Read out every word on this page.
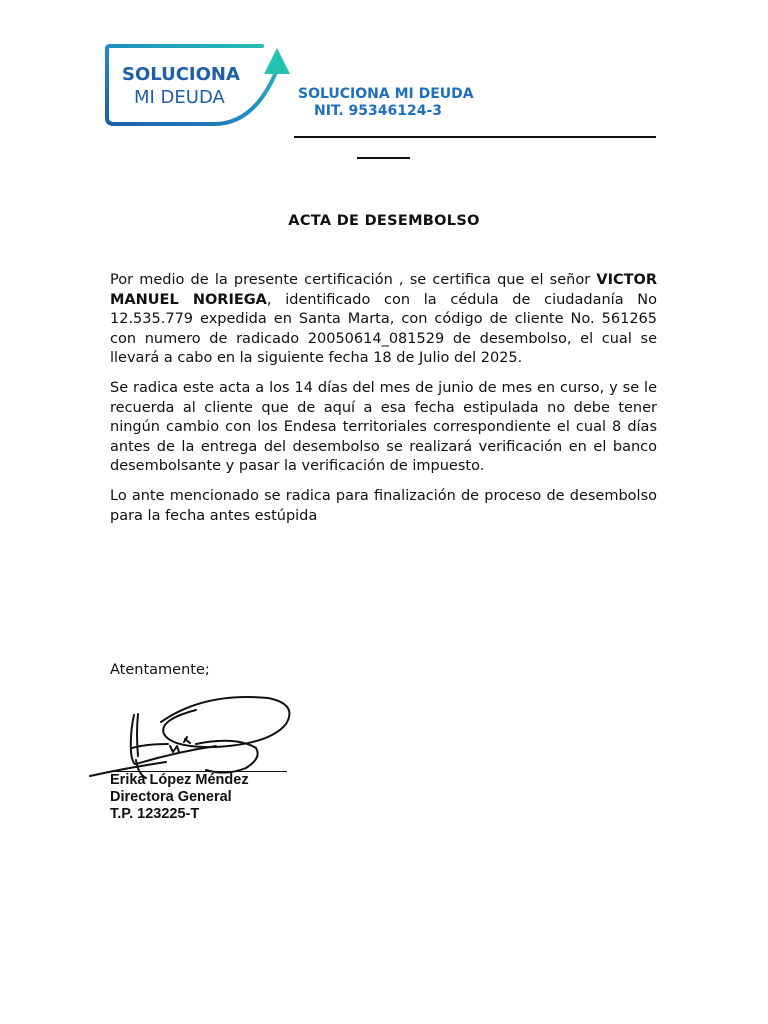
SOLUCIONA
MI DEUDA	SOLUCIONA MI DEUDA
NIT. 95346124-3
ACTA DE DESEMBOLSO

Por medio de la presente certificación , se certifica que el señor VICTOR MANUEL NORIEGA, identificado con la cédula de ciudadanía No 12.535.779 expedida en Santa Marta, con código de cliente No. 561265 con numero de radicado 20050614_081529 de desembolso, el cual se llevará a cabo en la siguiente fecha 18 de Julio del 2025.

Se radica este acta a los 14 días del mes de junio de mes en curso, y se le recuerda al cliente que de aquí a esa fecha estipulada no debe tener ningún cambio con los Endesa territoriales correspondiente el cual 8 días antes de la entrega del desembolso se realizará verificación en el banco desembolsante y pasar la verificación de impuesto.

Lo ante mencionado se radica para finalización de proceso de desembolso para la fecha antes estúpida

Atentamente;
Erika López Méndez
Directora General
T.P. 123225-T
